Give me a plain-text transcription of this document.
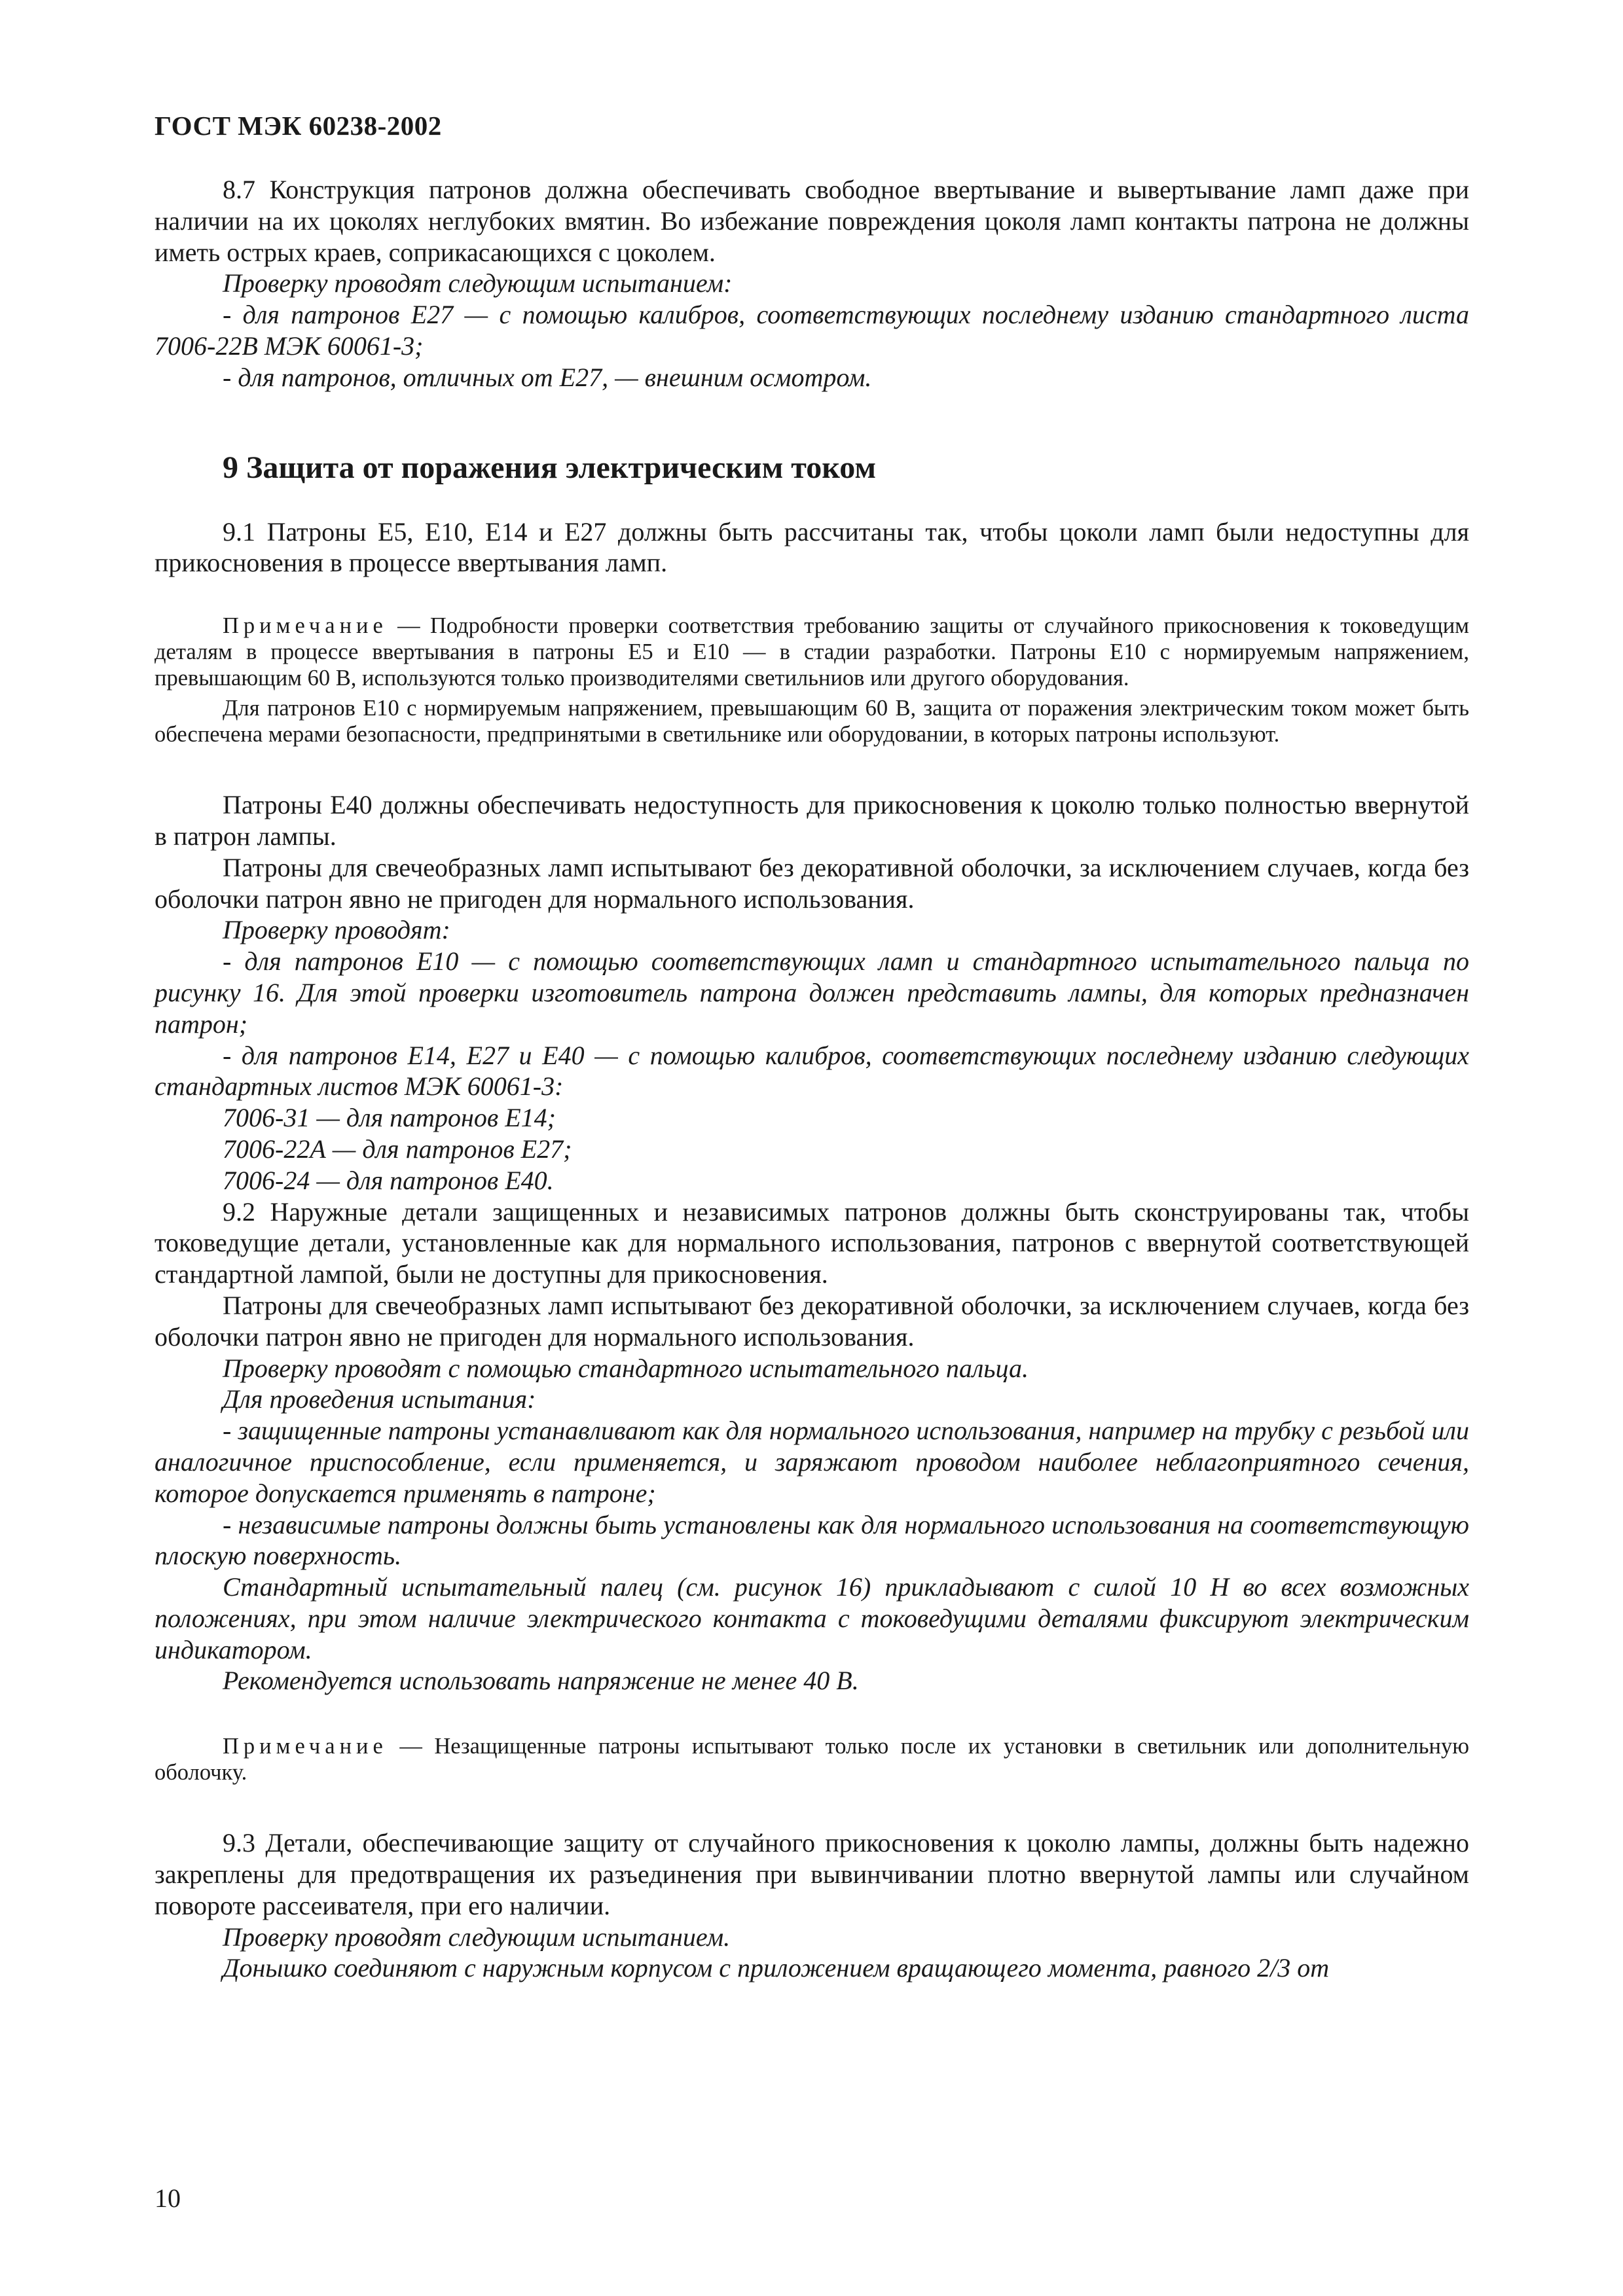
ГОСТ МЭК 60238-2002

8.7 Конструкция патронов должна обеспечивать свободное ввертывание и вывертывание ламп даже при наличии на их цоколях неглубоких вмятин. Во избежание повреждения цоколя ламп контакты патрона не должны иметь острых краев, соприкасающихся с цоколем.

Проверку проводят следующим испытанием:

- для патронов Е27 — с помощью калибров, соответствующих последнему изданию стандартного листа 7006-22В МЭК 60061-3;

- для патронов, отличных от Е27, — внешним осмотром.

9 Защита от поражения электрическим током

9.1 Патроны Е5, Е10, Е14 и Е27 должны быть рассчитаны так, чтобы цоколи ламп были недоступны для прикосновения в процессе ввертывания ламп.

Примечание — Подробности проверки соответствия требованию защиты от случайного прикосновения к токоведущим деталям в процессе ввертывания в патроны Е5 и Е10 — в стадии разработки. Патроны Е10 с нормируемым напряжением, превышающим 60 В, используются только производителями светильниов или другого оборудования.

Для патронов Е10 с нормируемым напряжением, превышающим 60 В, защита от поражения электрическим током может быть обеспечена мерами безопасности, предпринятыми в светильнике или оборудовании, в которых патроны используют.

Патроны Е40 должны обеспечивать недоступность для прикосновения к цоколю только полностью ввернутой в патрон лампы.

Патроны для свечеобразных ламп испытывают без декоративной оболочки, за исключением случаев, когда без оболочки патрон явно не пригоден для нормального использования.

Проверку проводят:

- для патронов Е10 — с помощью соответствующих ламп и стандартного испытательного пальца по рисунку 16. Для этой проверки изготовитель патрона должен представить лампы, для которых предназначен патрон;

- для патронов Е14, Е27 и Е40 — с помощью калибров, соответствующих последнему изданию следующих стандартных листов МЭК 60061-3:

7006-31 — для патронов Е14;

7006-22А — для патронов Е27;

7006-24 — для патронов Е40.

9.2 Наружные детали защищенных и независимых патронов должны быть сконструированы так, чтобы токоведущие детали, установленные как для нормального использования, патронов с ввернутой соответствующей стандартной лампой, были не доступны для прикосновения.

Патроны для свечеобразных ламп испытывают без декоративной оболочки, за исключением случаев, когда без оболочки патрон явно не пригоден для нормального использования.

Проверку проводят с помощью стандартного испытательного пальца.

Для проведения испытания:

- защищенные патроны устанавливают как для нормального использования, например на трубку с резьбой или аналогичное приспособление, если применяется, и заряжают проводом наиболее неблагоприятного сечения, которое допускается применять в патроне;

- независимые патроны должны быть установлены как для нормального использования на соответствующую плоскую поверхность.

Стандартный испытательный палец (см. рисунок 16) прикладывают с силой 10 Н во всех возможных положениях, при этом наличие электрического контакта с токоведущими деталями фиксируют электрическим индикатором.

Рекомендуется использовать напряжение не менее 40 В.

Примечание — Незащищенные патроны испытывают только после их установки в светильник или дополнительную оболочку.

9.3 Детали, обеспечивающие защиту от случайного прикосновения к цоколю лампы, должны быть надежно закреплены для предотвращения их разъединения при вывинчивании плотно ввернутой лампы или случайном повороте рассеивателя, при его наличии.

Проверку проводят следующим испытанием.

Донышко соединяют с наружным корпусом с приложением вращающего момента, равного 2/3 от

10
